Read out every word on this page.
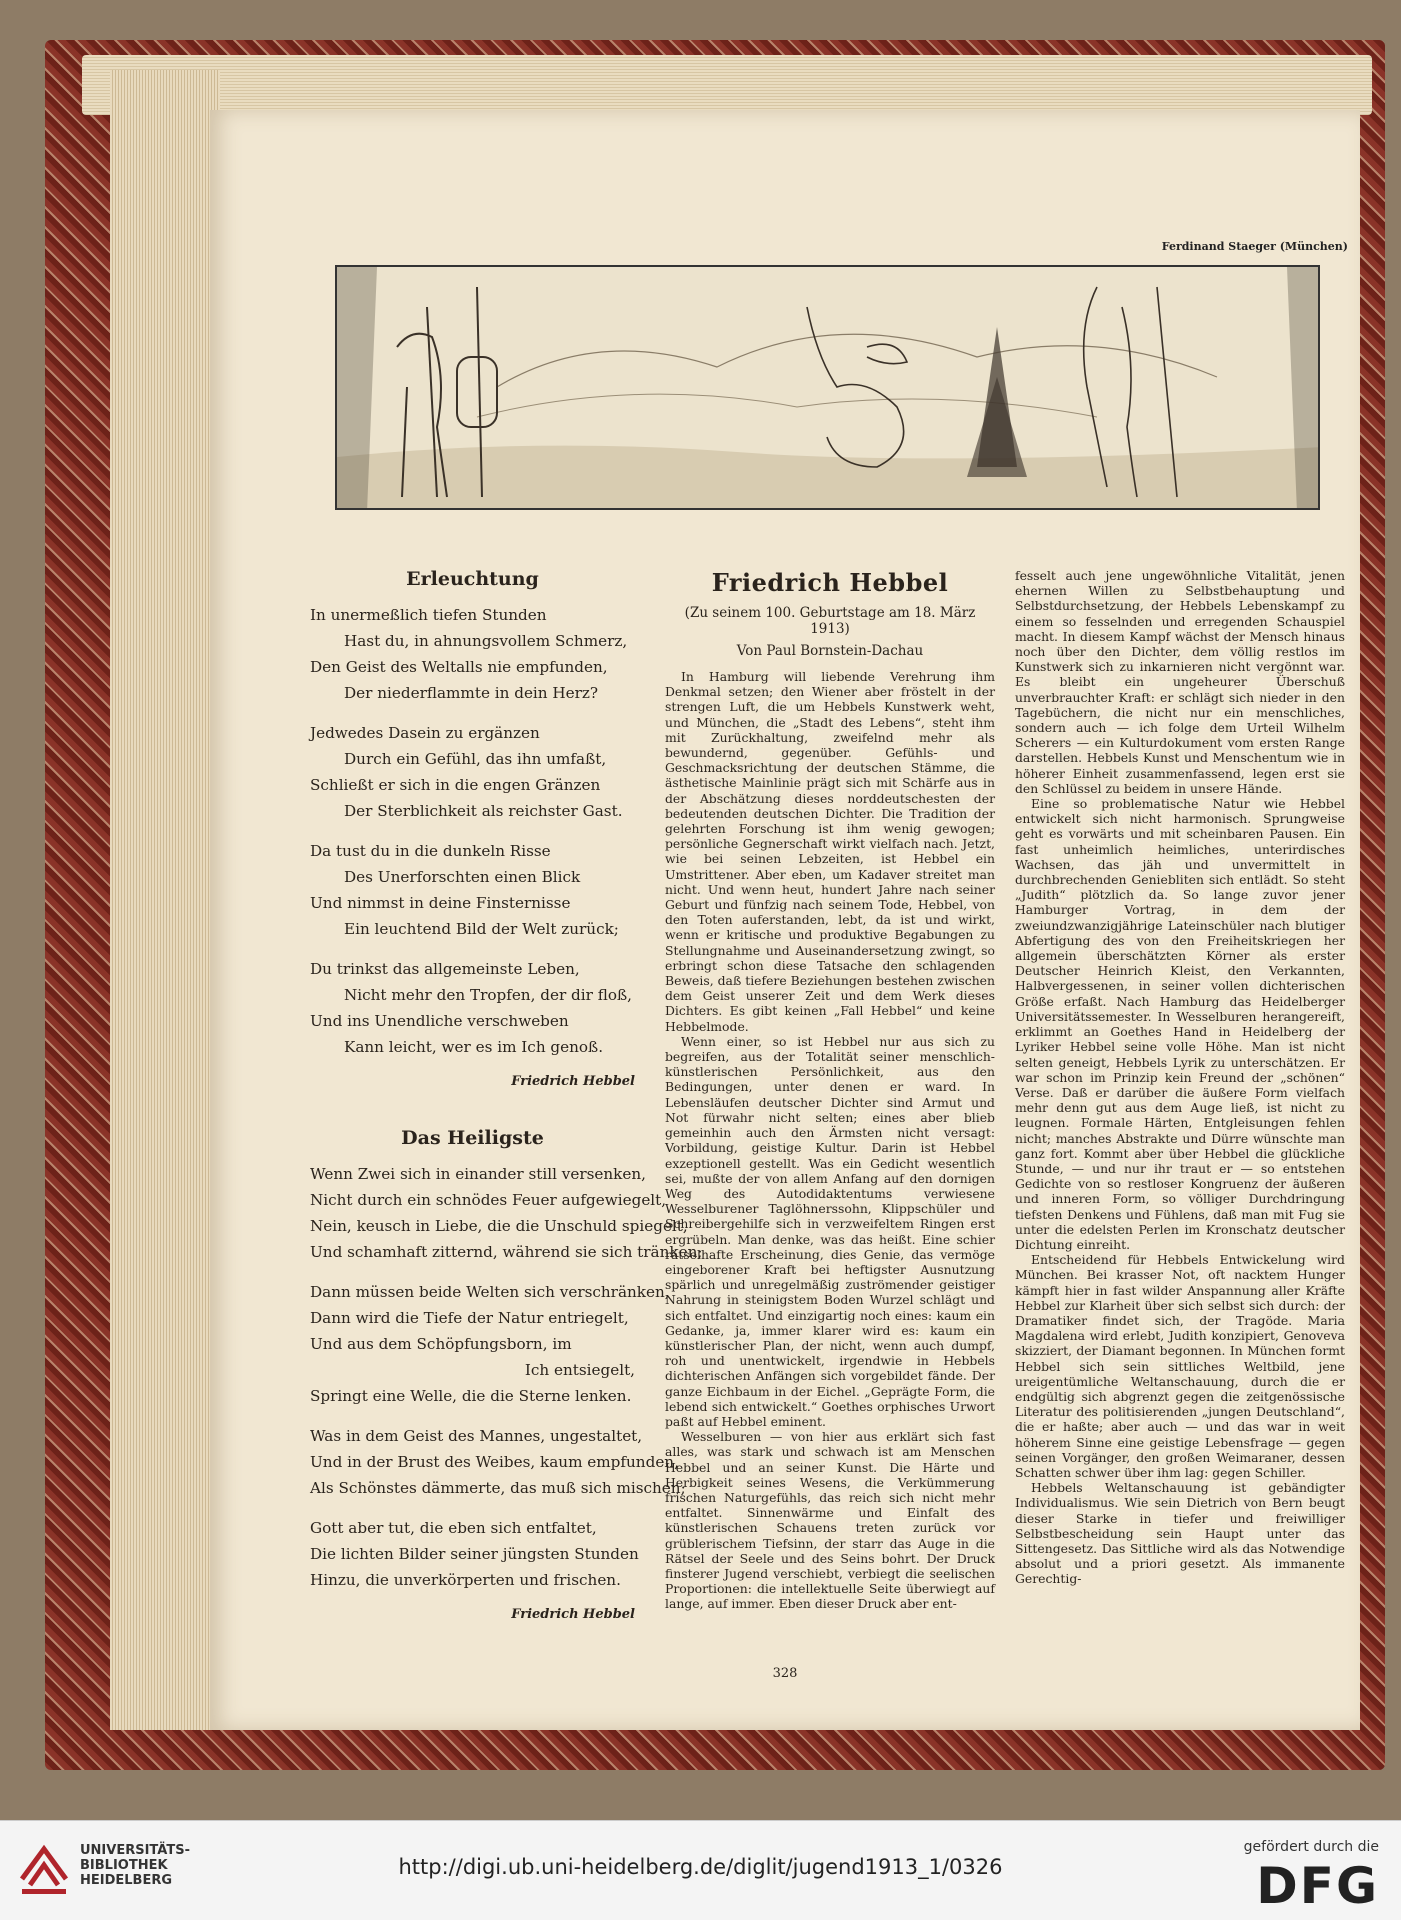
Ferdinand Staeger (München)
Erleuchtung
In unermeßlich tiefen Stunden
Hast du, in ahnungsvollem Schmerz,
Den Geist des Weltalls nie empfunden,
Der niederflammte in dein Herz?
Jedwedes Dasein zu ergänzen
Durch ein Gefühl, das ihn umfaßt,
Schließt er sich in die engen Gränzen
Der Sterblichkeit als reichster Gast.
Da tust du in die dunkeln Risse
Des Unerforschten einen Blick
Und nimmst in deine Finsternisse
Ein leuchtend Bild der Welt zurück;
Du trinkst das allgemeinste Leben,
Nicht mehr den Tropfen, der dir floß,
Und ins Unendliche verschweben
Kann leicht, wer es im Ich genoß.
Friedrich Hebbel
Das Heiligste
Wenn Zwei sich in einander still versenken,
Nicht durch ein schnödes Feuer aufgewiegelt,
Nein, keusch in Liebe, die die Unschuld spiegelt,
Und schamhaft zitternd, während sie sich tränken;
Dann müssen beide Welten sich verschränken,
Dann wird die Tiefe der Natur entriegelt,
Und aus dem Schöpfungsborn, im
Ich entsiegelt,
Springt eine Welle, die die Sterne lenken.
Was in dem Geist des Mannes, ungestaltet,
Und in der Brust des Weibes, kaum empfunden,
Als Schönstes dämmerte, das muß sich mischen;
Gott aber tut, die eben sich entfaltet,
Die lichten Bilder seiner jüngsten Stunden
Hinzu, die unverkörperten und frischen.
Friedrich Hebbel
Friedrich Hebbel
(Zu seinem 100. Geburtstage am 18. März 1913)
Von Paul Bornstein-Dachau

In Hamburg will liebende Verehrung ihm Denkmal setzen; den Wiener aber fröstelt in der strengen Luft, die um Hebbels Kunstwerk weht, und München, die „Stadt des Lebens“, steht ihm mit Zurückhaltung, zweifelnd mehr als bewundernd, gegenüber. Gefühls- und Geschmacksrichtung der deutschen Stämme, die ästhetische Mainlinie prägt sich mit Schärfe aus in der Abschätzung dieses norddeutschesten der bedeutenden deutschen Dichter. Die Tradition der gelehrten Forschung ist ihm wenig gewogen; persönliche Gegnerschaft wirkt vielfach nach. Jetzt, wie bei seinen Lebzeiten, ist Hebbel ein Umstrittener. Aber eben, um Kadaver streitet man nicht. Und wenn heut, hundert Jahre nach seiner Geburt und fünfzig nach seinem Tode, Hebbel, von den Toten auferstanden, lebt, da ist und wirkt, wenn er kritische und produktive Begabungen zu Stellungnahme und Auseinandersetzung zwingt, so erbringt schon diese Tatsache den schlagenden Beweis, daß tiefere Beziehungen bestehen zwischen dem Geist unserer Zeit und dem Werk dieses Dichters. Es gibt keinen „Fall Hebbel“ und keine Hebbelmode.

Wenn einer, so ist Hebbel nur aus sich zu begreifen, aus der Totalität seiner menschlich-künstlerischen Persönlichkeit, aus den Bedingungen, unter denen er ward. In Lebensläufen deutscher Dichter sind Armut und Not fürwahr nicht selten; eines aber blieb gemeinhin auch den Ärmsten nicht versagt: Vorbildung, geistige Kultur. Darin ist Hebbel exzeptionell gestellt. Was ein Gedicht wesentlich sei, mußte der von allem Anfang auf den dornigen Weg des Autodidaktentums verwiesene Wesselburener Taglöhnerssohn, Klippschüler und Schreibergehilfe sich in verzweifeltem Ringen erst ergrübeln. Man denke, was das heißt. Eine schier rätselhafte Erscheinung, dies Genie, das vermöge eingeborener Kraft bei heftigster Ausnutzung spärlich und unregelmäßig zuströmender geistiger Nahrung in steinigstem Boden Wurzel schlägt und sich entfaltet. Und einzigartig noch eines: kaum ein Gedanke, ja, immer klarer wird es: kaum ein künstlerischer Plan, der nicht, wenn auch dumpf, roh und unentwickelt, irgendwie in Hebbels dichterischen Anfängen sich vorgebildet fände. Der ganze Eichbaum in der Eichel. „Geprägte Form, die lebend sich entwickelt.“ Goethes orphisches Urwort paßt auf Hebbel eminent.

Wesselburen — von hier aus erklärt sich fast alles, was stark und schwach ist am Menschen Hebbel und an seiner Kunst. Die Härte und Herbigkeit seines Wesens, die Verkümmerung frischen Naturgefühls, das reich sich nicht mehr entfaltet. Sinnenwärme und Einfalt des künstlerischen Schauens treten zurück vor grüblerischem Tiefsinn, der starr das Auge in die Rätsel der Seele und des Seins bohrt. Der Druck finsterer Jugend verschiebt, verbiegt die seelischen Proportionen: die intellektuelle Seite überwiegt auf lange, auf immer. Eben dieser Druck aber ent-

fesselt auch jene ungewöhnliche Vitalität, jenen ehernen Willen zu Selbstbehauptung und Selbstdurchsetzung, der Hebbels Lebenskampf zu einem so fesselnden und erregenden Schauspiel macht. In diesem Kampf wächst der Mensch hinaus noch über den Dichter, dem völlig restlos im Kunstwerk sich zu inkarnieren nicht vergönnt war. Es bleibt ein ungeheurer Überschuß unverbrauchter Kraft: er schlägt sich nieder in den Tagebüchern, die nicht nur ein menschliches, sondern auch — ich folge dem Urteil Wilhelm Scherers — ein Kulturdokument vom ersten Range darstellen. Hebbels Kunst und Menschentum wie in höherer Einheit zusammenfassend, legen erst sie den Schlüssel zu beidem in unsere Hände.

Eine so problematische Natur wie Hebbel entwickelt sich nicht harmonisch. Sprungweise geht es vorwärts und mit scheinbaren Pausen. Ein fast unheimlich heimliches, unterirdisches Wachsen, das jäh und unvermittelt in durchbrechenden Geniebliten sich entlädt. So steht „Judith“ plötzlich da. So lange zuvor jener Hamburger Vortrag, in dem der zweiundzwanzigjährige Lateinschüler nach blutiger Abfertigung des von den Freiheitskriegen her allgemein überschätzten Körner als erster Deutscher Heinrich Kleist, den Verkannten, Halbvergessenen, in seiner vollen dichterischen Größe erfaßt. Nach Hamburg das Heidelberger Universitätssemester. In Wesselburen herangereift, erklimmt an Goethes Hand in Heidelberg der Lyriker Hebbel seine volle Höhe. Man ist nicht selten geneigt, Hebbels Lyrik zu unterschätzen. Er war schon im Prinzip kein Freund der „schönen“ Verse. Daß er darüber die äußere Form vielfach mehr denn gut aus dem Auge ließ, ist nicht zu leugnen. Formale Härten, Entgleisungen fehlen nicht; manches Abstrakte und Dürre wünschte man ganz fort. Kommt aber über Hebbel die glückliche Stunde, — und nur ihr traut er — so entstehen Gedichte von so restloser Kongruenz der äußeren und inneren Form, so völliger Durchdringung tiefsten Denkens und Fühlens, daß man mit Fug sie unter die edelsten Perlen im Kronschatz deutscher Dichtung einreiht.

Entscheidend für Hebbels Entwickelung wird München. Bei krasser Not, oft nacktem Hunger kämpft hier in fast wilder Anspannung aller Kräfte Hebbel zur Klarheit über sich selbst sich durch: der Dramatiker findet sich, der Tragöde. Maria Magdalena wird erlebt, Judith konzipiert, Genoveva skizziert, der Diamant begonnen. In München formt Hebbel sich sein sittliches Weltbild, jene ureigentümliche Weltanschauung, durch die er endgültig sich abgrenzt gegen die zeitgenössische Literatur des politisierenden „jungen Deutschland“, die er haßte; aber auch — und das war in weit höherem Sinne eine geistige Lebensfrage — gegen seinen Vorgänger, den großen Weimaraner, dessen Schatten schwer über ihm lag: gegen Schiller.

Hebbels Weltanschauung ist gebändigter Individualismus. Wie sein Dietrich von Bern beugt dieser Starke in tiefer und freiwilliger Selbstbescheidung sein Haupt unter das Sittengesetz. Das Sittliche wird als das Notwendige absolut und a priori gesetzt. Als immanente Gerechtig-

328
UNIVERSITÄTS-
BIBLIOTHEK
HEIDELBERG
http://digi.ub.uni-heidelberg.de/diglit/jugend1913_1/0326
gefördert durch die
DFG
